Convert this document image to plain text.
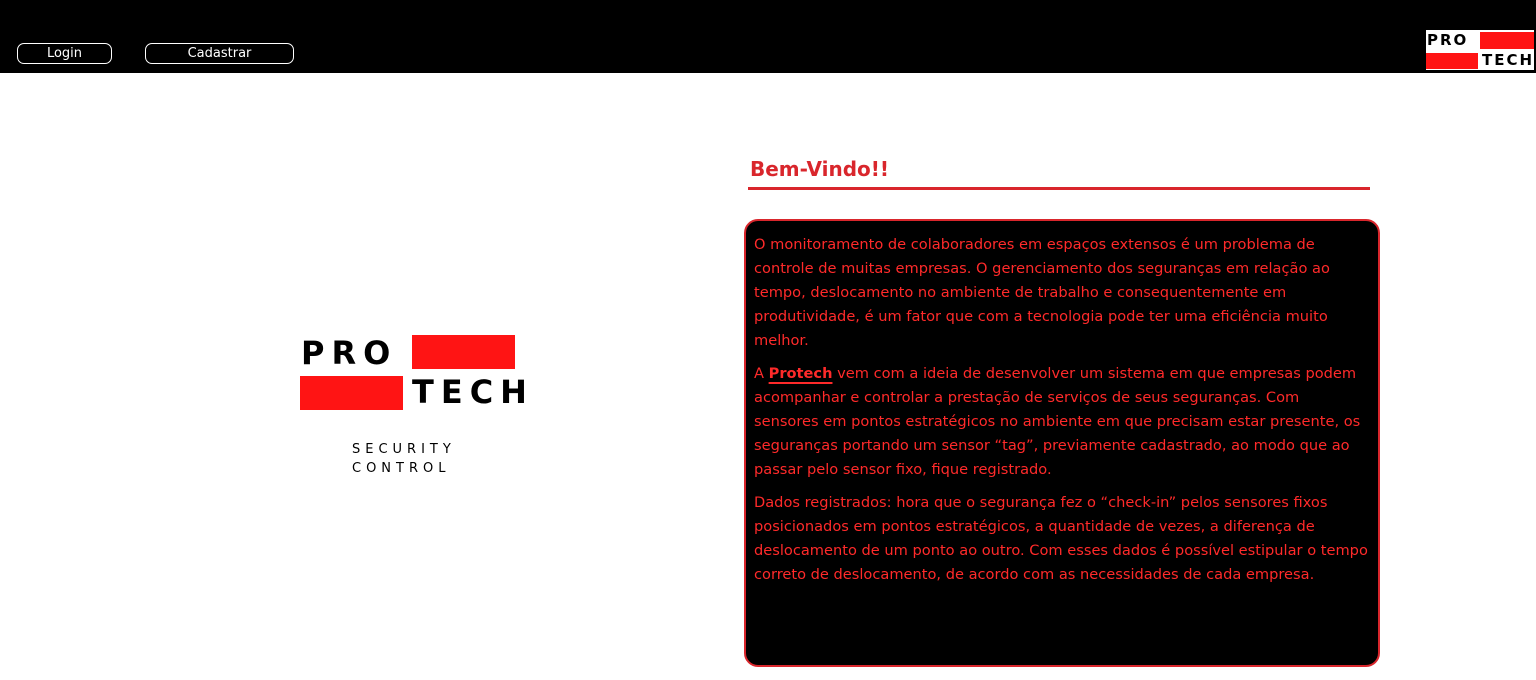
Login	Cadastrar
PRO
TECH
PRO
TECH
SECURITY
CONTROL
Bem-Vindo!!

O monitoramento de colaboradores em espaços extensos é um problema de controle de muitas empresas. O gerenciamento dos seguranças em relação ao tempo, deslocamento no ambiente de trabalho e consequentemente em produtividade, é um fator que com a tecnologia pode ter uma eficiência muito melhor.

A Protech vem com a ideia de desenvolver um sistema em que empresas podem acompanhar e controlar a prestação de serviços de seus seguranças. Com sensores em pontos estratégicos no ambiente em que precisam estar presente, os seguranças portando um sensor “tag”, previamente cadastrado, ao modo que ao passar pelo sensor fixo, fique registrado.

Dados registrados: hora que o segurança fez o “check-in” pelos sensores fixos posicionados em pontos estratégicos, a quantidade de vezes, a diferença de deslocamento de um ponto ao outro. Com esses dados é possível estipular o tempo correto de deslocamento, de acordo com as necessidades de cada empresa.
